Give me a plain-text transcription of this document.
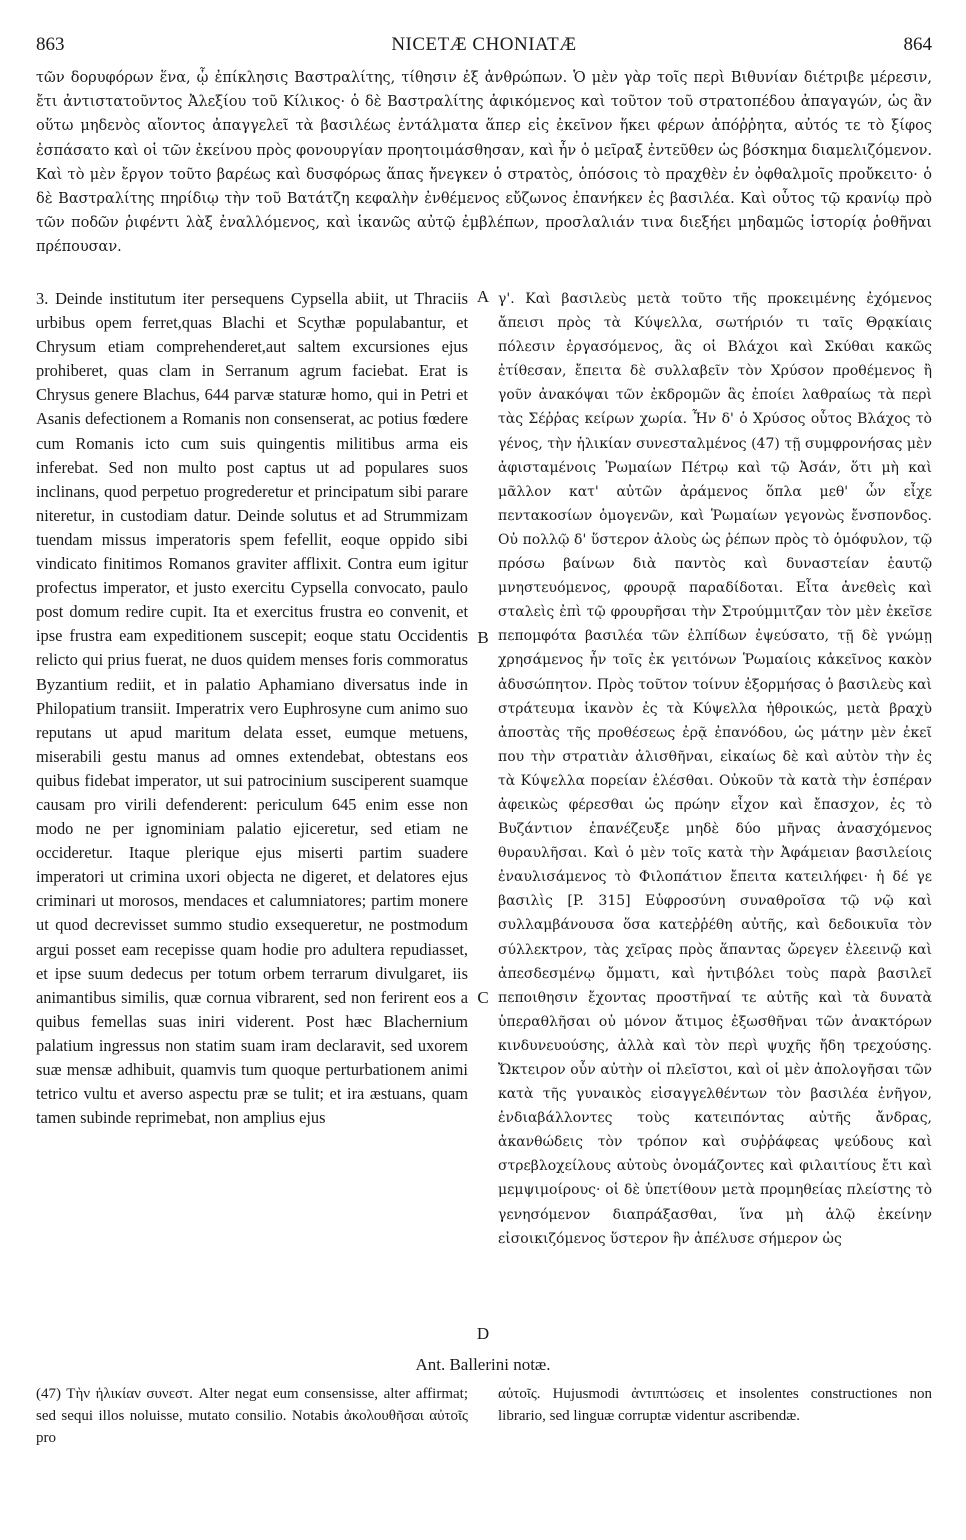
863	NICETÆ CHONIATÆ	864

τῶν δορυφόρων ἕνα, ᾧ ἐπίκλησις Βαστραλίτης, τίθησιν ἐξ ἀνθρώπων. Ὁ μὲν γὰρ τοῖς περὶ Βιθυνίαν διέτριβε μέρεσιν, ἔτι ἀντιστατοῦντος Ἀλεξίου τοῦ Κίλικος· ὁ δὲ Βαστραλίτης ἀφικόμενος καὶ τοῦτον τοῦ στρατοπέδου ἀπαγαγών, ὡς ἂν οὕτω μηδενὸς αἴοντος ἀπαγγελεῖ τὰ βασιλέως ἐντάλματα ἅπερ εἰς ἐκεῖνον ἥκει φέρων ἀπόῤῥητα, αὐτός τε τὸ ξίφος ἐσπάσατο καὶ οἱ τῶν ἐκείνου πρὸς φονουργίαν προητοιμάσθησαν, καὶ ἦν ὁ μεῖραξ ἐντεῦθεν ὡς βόσκημα διαμελιζόμενον. Καὶ τὸ μὲν ἔργον τοῦτο βαρέως καὶ δυσφόρως ἅπας ἤνεγκεν ὁ στρατὸς, ὁπόσοις τὸ πραχθὲν ἐν ὀφθαλμοῖς προὔκειτο· ὁ δὲ Βαστραλίτης πηρίδιῳ τὴν τοῦ Βατάτζη κεφαλὴν ἐνθέμενος εὔζωνος ἐπανήκεν ἐς βασιλέα. Καὶ οὗτος τῷ κρανίῳ πρὸ τῶν ποδῶν ῥιφέντι λὰξ ἐναλλόμενος, καὶ ἱκανῶς αὐτῷ ἐμβλέπων, προσλαλιάν τινα διεξήει μηδαμῶς ἱστορίᾳ ῥοθῆναι πρέπουσαν.

3. Deinde institutum iter persequens Cypsella abiit, ut Thraciis urbibus opem ferret,quas Blachi et Scythæ populabantur, et Chrysum etiam comprehenderet,aut saltem excursiones ejus prohiberet, quas clam in Serranum agrum faciebat. Erat is Chrysus genere Blachus, 644 parvæ staturæ homo, qui in Petri et Asanis defectionem a Romanis non consenserat, ac potius fœdere cum Romanis icto cum suis quingentis militibus arma eis inferebat. Sed non multo post captus ut ad populares suos inclinans, quod perpetuo progrederetur et principatum sibi parare niteretur, in custodiam datur. Deinde solutus et ad Strummizam tuendam missus imperatoris spem fefellit, eoque oppido sibi vindicato finitimos Romanos graviter afflixit. Contra eum igitur profectus imperator, et justo exercitu Cypsella convocato, paulo post domum redire cupit. Ita et exercitus frustra eo convenit, et ipse frustra eam expeditionem suscepit; eoque statu Occidentis relicto qui prius fuerat, ne duos quidem menses foris commoratus Byzantium rediit, et in palatio Aphamiano diversatus inde in Philopatium transiit. Imperatrix vero Euphrosyne cum animo suo reputans ut apud maritum delata esset, eumque metuens, miserabili gestu manus ad omnes extendebat, obtestans eos quibus fidebat imperator, ut sui patrocinium susciperent suamque causam pro virili defenderent: periculum 645 enim esse non modo ne per ignominiam palatio ejiceretur, sed etiam ne occideretur. Itaque plerique ejus miserti partim suadere imperatori ut crimina uxori objecta ne digeret, et delatores ejus criminari ut morosos, mendaces et calumniatores; partim monere ut quod decrevisset summo studio exsequeretur, ne postmodum argui posset eam recepisse quam hodie pro adultera repudiasset, et ipse suum dedecus per totum orbem terrarum divulgaret, iis animantibus similis, quæ cornua vibrarent, sed non ferirent eos a quibus femellas suas iniri viderent. Post hæc Blachernium palatium ingressus non statim suam iram declaravit, sed uxorem suæ mensæ adhibuit, quamvis tum quoque perturbationem animi tetrico vultu et averso aspectu præ se tulit; et ira æstuans, quam tamen subinde reprimebat, non amplius ejus

γ'. Καὶ βασιλεὺς μετὰ τοῦτο τῆς προκειμένης ἐχόμενος ἄπεισι πρὸς τὰ Κύψελλα, σωτήριόν τι ταῖς Θρᾳκίαις πόλεσιν ἐργασόμενος, ἃς οἱ Βλάχοι καὶ Σκύθαι κακῶς ἐτίθεσαν, ἔπειτα δὲ συλλαβεῖν τὸν Χρύσον προθέμενος ἢ γοῦν ἀνακόψαι τῶν ἐκδρομῶν ἃς ἐποίει λαθραίως τὰ περὶ τὰς Σέῤῥας κείρων χωρία. Ἦν δ' ὁ Χρύσος οὗτος Βλάχος τὸ γένος, τὴν ἡλικίαν συνεσταλμένος (47) τῇ συμφρονήσας μὲν ἀφισταμένοις Ῥωμαίων Πέτρῳ καὶ τῷ Ἀσάν, ὅτι μὴ καὶ μᾶλλον κατ' αὐτῶν ἀράμενος ὅπλα μεθ' ὧν εἶχε πεντακοσίων ὁμογενῶν, καὶ Ῥωμαίων γεγονὼς ἔνσπονδος. Οὐ πολλῷ δ' ὕστερον ἁλοὺς ὡς ῥέπων πρὸς τὸ ὁμόφυλον, τῷ πρόσω βαίνων διὰ παντὸς καὶ δυναστείαν ἑαυτῷ μνηστευόμενος, φρουρᾷ παραδίδοται. Εἶτα ἀνεθεὶς καὶ σταλεὶς ἐπὶ τῷ φρουρῆσαι τὴν Στρούμμιτζαν τὸν μὲν ἐκεῖσε πεπομφότα βασιλέα τῶν ἐλπίδων ἐψεύσατο, τῇ δὲ γνώμῃ χρησάμενος ἦν τοῖς ἐκ γειτόνων Ῥωμαίοις κἀκεῖνος κακὸν ἀδυσώπητον. Πρὸς τοῦτον τοίνυν ἐξορμήσας ὁ βασιλεὺς καὶ στράτευμα ἱκανὸν ἐς τὰ Κύψελλα ἠθροικώς, μετὰ βραχὺ ἀποστὰς τῆς προθέσεως ἐρᾷ ἐπανόδου, ὡς μάτην μὲν ἐκεῖ που τὴν στρατιὰν ἁλισθῆναι, εἰκαίως δὲ καὶ αὐτὸν τὴν ἐς τὰ Κύψελλα πορείαν ἑλέσθαι. Οὐκοῦν τὰ κατὰ τὴν ἑσπέραν ἀφεικὼς φέρεσθαι ὡς πρώην εἶχον καὶ ἔπασχον, ἐς τὸ Βυζάντιον ἐπανέζευξε μηδὲ δύο μῆνας ἀνασχόμενος θυραυλῆσαι. Καὶ ὁ μὲν τοῖς κατὰ τὴν Ἀφάμειαν βασιλείοις ἐναυλισάμενος τὸ Φιλοπάτιον ἔπειτα κατειλήφει· ἡ δέ γε βασιλὶς [P. 315] Εὐφροσύνη συναθροῖσα τῷ νῷ καὶ συλλαμβάνουσα ὅσα κατεῤῥέθη αὐτῆς, καὶ δεδοικυῖα τὸν σύλλεκτρον, τὰς χεῖρας πρὸς ἅπαντας ὤρεγεν ἐλεεινῷ καὶ ἀπεσδεσμένῳ ὄμματι, καὶ ἠντιβόλει τοὺς παρὰ βασιλεῖ πεποιθησιν ἔχοντας προστῆναί τε αὐτῆς καὶ τὰ δυνατὰ ὑπεραθλῆσαι οὐ μόνον ἄτιμος ἐξωσθῆναι τῶν ἀνακτόρων κινδυνευούσης, ἀλλὰ καὶ τὸν περὶ ψυχῆς ἤδη τρεχούσης. Ὤκτειρον οὖν αὐτὴν οἱ πλεῖστοι, καὶ οἱ μὲν ἀπολογῆσαι τῶν κατὰ τῆς γυναικὸς εἰσαγγελθέντων τὸν βασιλέα ἐνῆγον, ἐνδιαβάλλοντες τοὺς κατειπόντας αὐτῆς ἄνδρας, ἀκανθώδεις τὸν τρόπον καὶ συῤῥάφεας ψεύδους καὶ στρεβλοχείλους αὐτοὺς ὀνομάζοντες καὶ φιλαιτίους ἔτι καὶ μεμψιμοίρους· οἱ δὲ ὑπετίθουν μετὰ προμηθείας πλείστης τὸ γενησόμενον διαπράξασθαι, ἵνα μὴ ἁλῷ ἐκείνην εἰσοικιζόμενος ὕστερον ἣν ἀπέλυσε σήμερον ὡς

A
B
C
D

Ant. Ballerini notæ.

(47) Τὴν ἡλικίαν συνεστ. Alter negat eum consensisse, alter affirmat; sed sequi illos noluisse, mutato consilio. Notabis ἀκολουθῆσαι αὐτοῖς pro

αὐτοῖς. Hujusmodi ἀντιπτώσεις et insolentes constructiones non librario, sed linguæ corruptæ videntur ascribendæ.
